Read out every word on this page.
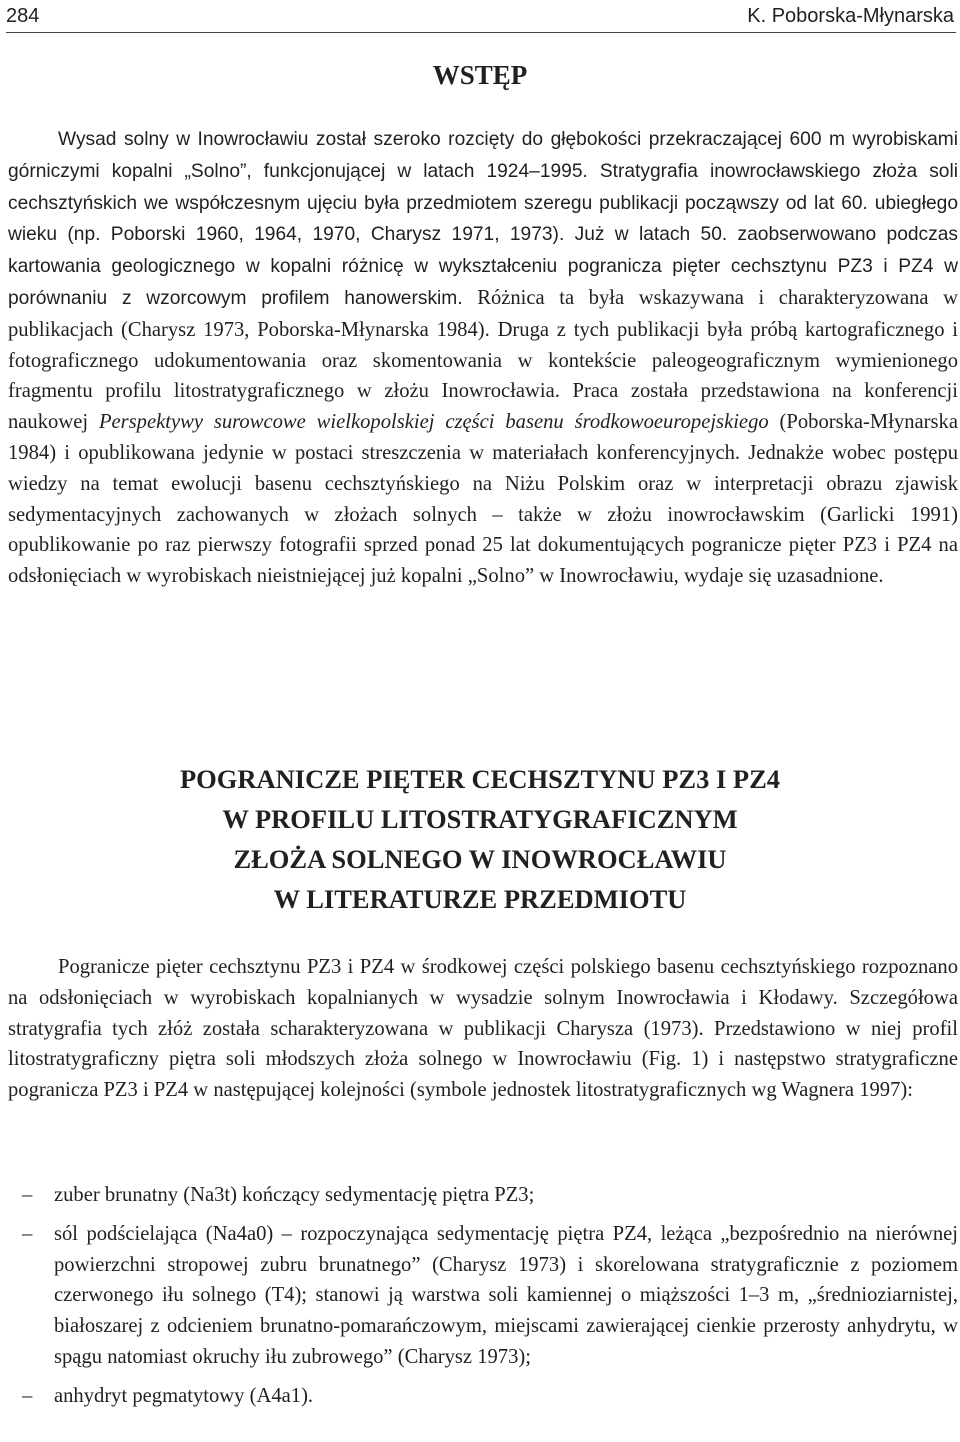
284	K. Poborska-Młynarska
WSTĘP

Wysad solny w Inowrocławiu został szeroko rozcięty do głębokości przekraczającej 600 m wyrobiskami górniczymi kopalni „Solno”, funkcjonującej w latach 1924–1995. Stratygrafia inowrocławskiego złoża soli cechsztyńskich we współczesnym ujęciu była przedmiotem szeregu publikacji począwszy od lat 60. ubiegłego wieku (np. Poborski 1960, 1964, 1970, Charysz 1971, 1973). Już w latach 50. zaobserwowano podczas kartowania geologicznego w kopalni różnicę w wykształceniu pogranicza pięter cechsztynu PZ3 i PZ4 w porównaniu z wzorcowym profilem hanowerskim. Różnica ta była wskazywana i charakteryzowana w publikacjach (Charysz 1973, Poborska-Młynarska 1984). Druga z tych publikacji była próbą kartograficznego i fotograficznego udokumentowania oraz skomentowania w kontekście paleogeograficznym wymienionego fragmentu profilu litostratygraficznego w złożu Inowrocławia. Praca została przedstawiona na konferencji naukowej Perspektywy surowcowe wielkopolskiej części basenu środkowoeuropejskiego (Poborska-Młynarska 1984) i opublikowana jedynie w postaci streszczenia w materiałach konferencyjnych. Jednakże wobec postępu wiedzy na temat ewolucji basenu cechsztyńskiego na Niżu Polskim oraz w interpretacji obrazu zjawisk sedymentacyjnych zachowanych w złożach solnych – także w złożu inowrocławskim (Garlicki 1991) opublikowanie po raz pierwszy fotografii sprzed ponad 25 lat dokumentujących pogranicze pięter PZ3 i PZ4 na odsłonięciach w wyrobiskach nieistniejącej już kopalni „Solno” w Inowrocławiu, wydaje się uzasadnione.

POGRANICZE PIĘTER CECHSZTYNU PZ3 I PZ4
W PROFILU LITOSTRATYGRAFICZNYM
ZŁOŻA SOLNEGO W INOWROCŁAWIU
W LITERATURZE PRZEDMIOTU

Pogranicze pięter cechsztynu PZ3 i PZ4 w środkowej części polskiego basenu cechsztyńskiego rozpoznano na odsłonięciach w wyrobiskach kopalnianych w wysadzie solnym Inowrocławia i Kłodawy. Szczegółowa stratygrafia tych złóż została scharakteryzowana w publikacji Charysza (1973). Przedstawiono w niej profil litostratygraficzny piętra soli młodszych złoża solnego w Inowrocławiu (Fig. 1) i następstwo stratygraficzne pogranicza PZ3 i PZ4 w następującej kolejności (symbole jednostek litostratygraficznych wg Wagnera 1997):

– zuber brunatny (Na3t) kończący sedymentację piętra PZ3;
– sól podścielająca (Na4a0) – rozpoczynająca sedymentację piętra PZ4, leżąca „bezpośrednio na nierównej powierzchni stropowej zubru brunatnego” (Charysz 1973) i skorelowana stratygraficznie z poziomem czerwonego iłu solnego (T4); stanowi ją warstwa soli kamiennej o miąższości 1–3 m, „średnioziarnistej, białoszarej z odcieniem brunatno-pomarańczowym, miejscami zawierającej cienkie przerosty anhydrytu, w spągu natomiast okruchy iłu zubrowego” (Charysz 1973);
– anhydryt pegmatytowy (A4a1).
